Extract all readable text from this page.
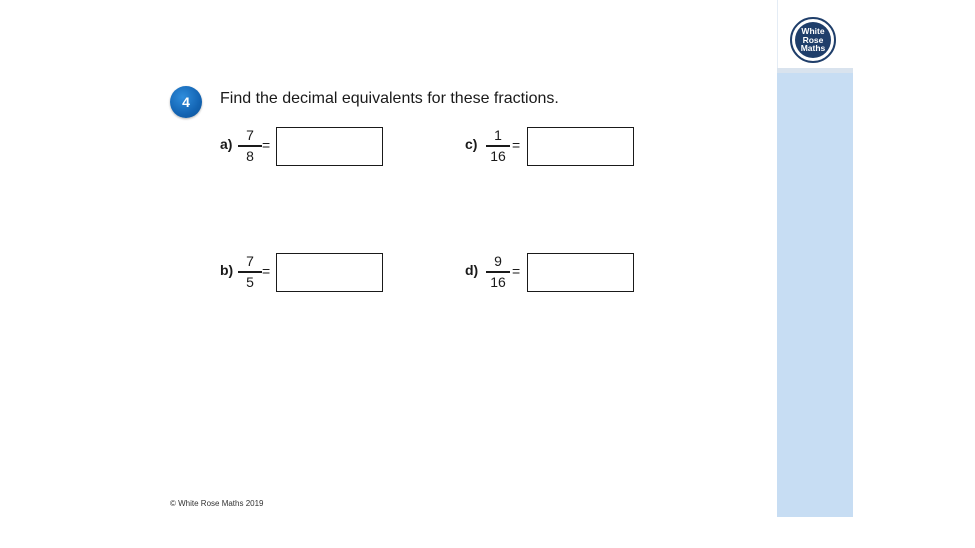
White
Rose
Maths
4 Find the decimal equivalents for these fractions.
a)
7
8
=	c)
1
16
=
b)
7
5
=	d)
9
16
=
© White Rose Maths 2019
